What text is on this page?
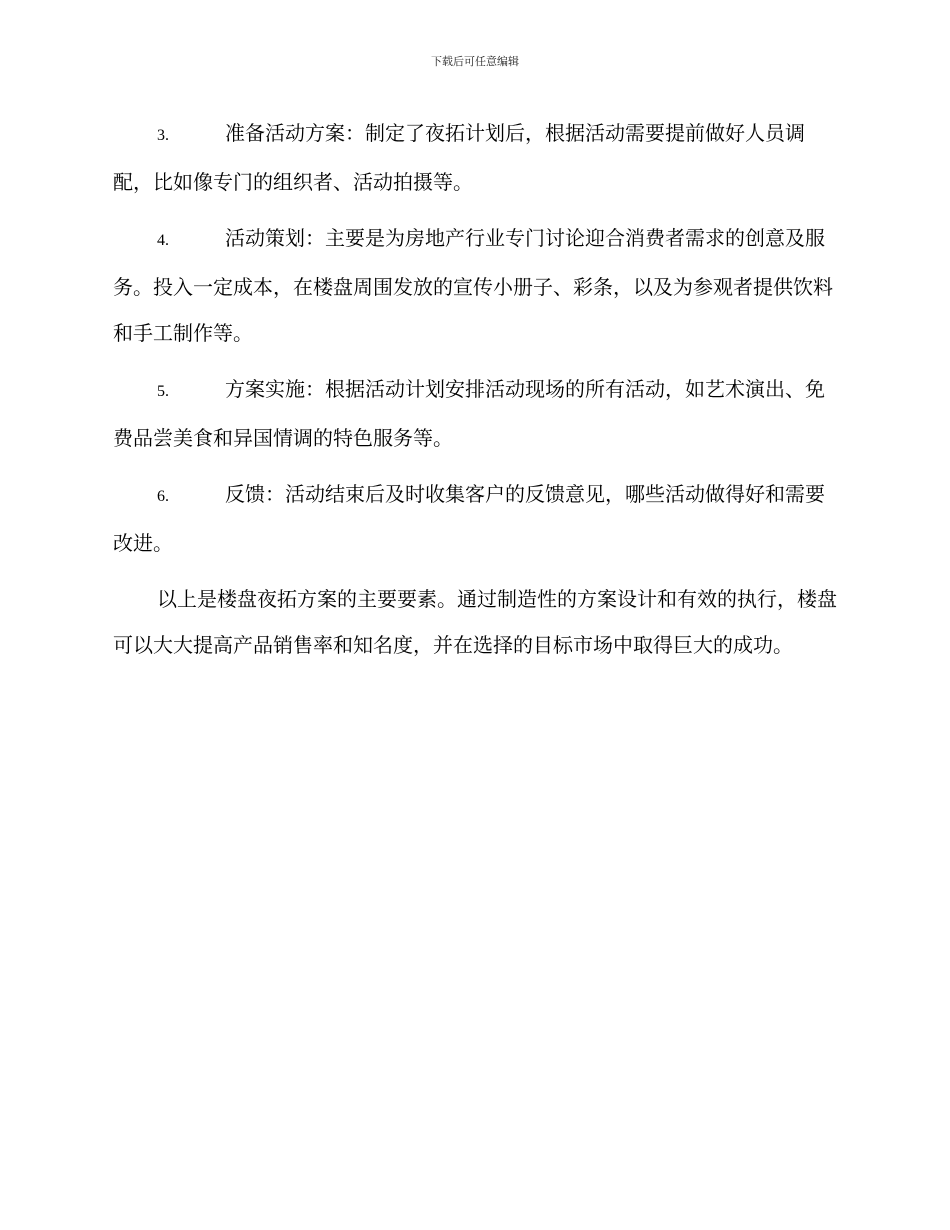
下载后可任意编辑

3.	准备活动方案：制定了夜拓计划后，根据活动需要提前做好人员调配，比如像专门的组织者、活动拍摄等。

4.	活动策划：主要是为房地产行业专门讨论迎合消费者需求的创意及服务。投入一定成本，在楼盘周围发放的宣传小册子、彩条，以及为参观者提供饮料和手工制作等。

5.	方案实施：根据活动计划安排活动现场的所有活动，如艺术演出、免费品尝美食和异国情调的特色服务等。

6.	反馈：活动结束后及时收集客户的反馈意见，哪些活动做得好和需要改进。

以上是楼盘夜拓方案的主要要素。通过制造性的方案设计和有效的执行，楼盘可以大大提高产品销售率和知名度，并在选择的目标市场中取得巨大的成功。
